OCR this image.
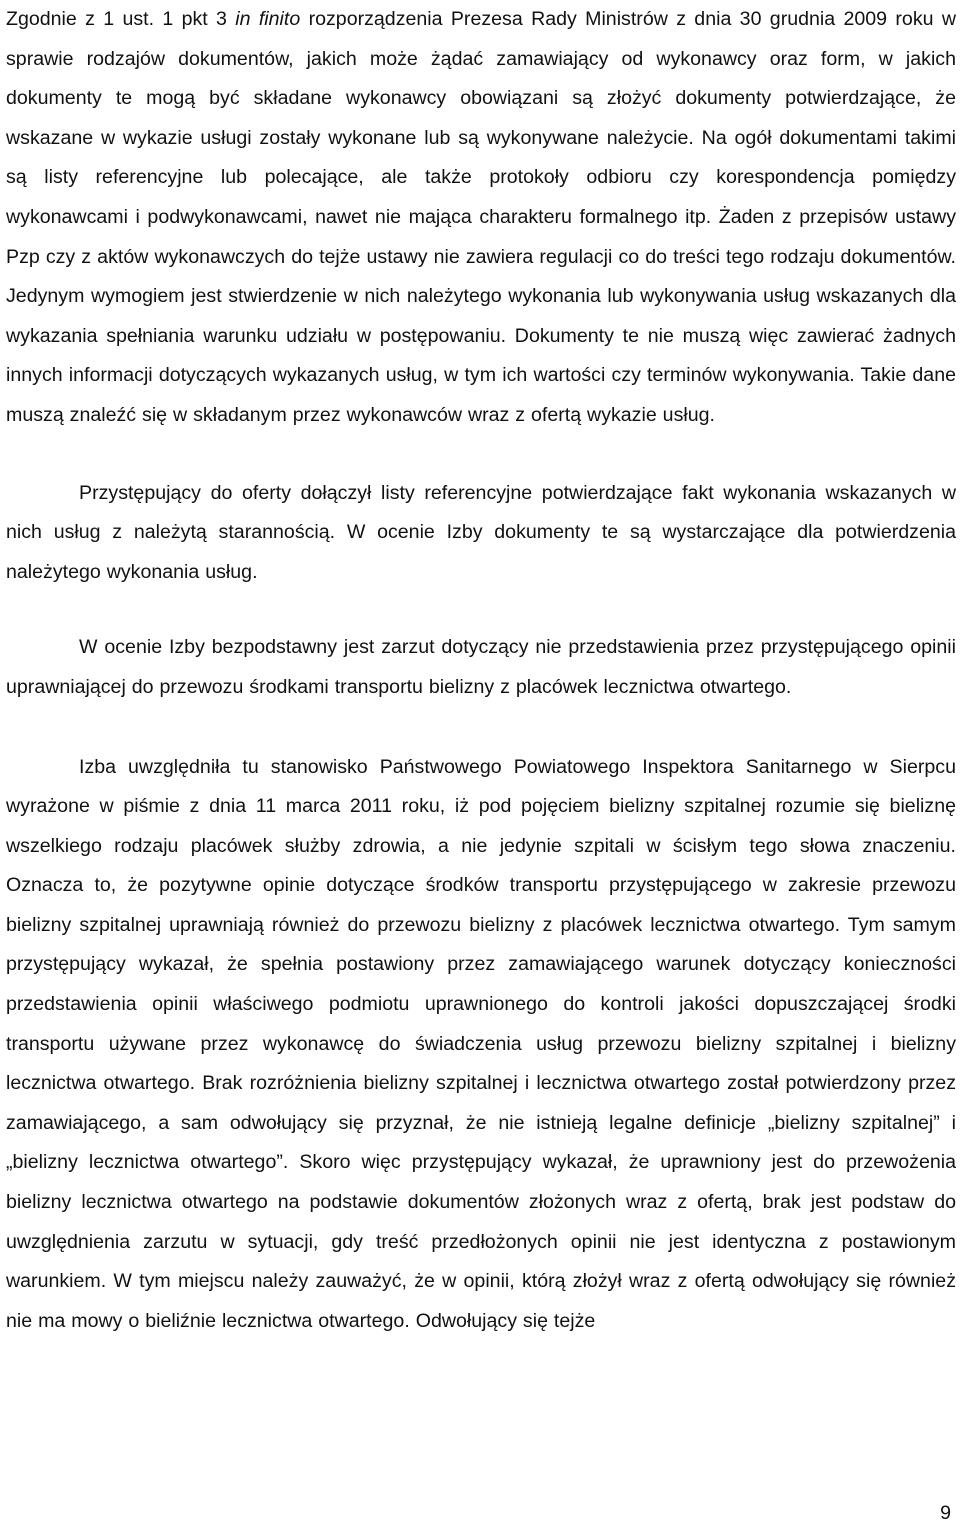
Zgodnie z 1 ust. 1 pkt 3 in finito rozporządzenia Prezesa Rady Ministrów z dnia 30 grudnia 2009 roku w sprawie rodzajów dokumentów, jakich może żądać zamawiający od wykonawcy oraz form, w jakich dokumenty te mogą być składane wykonawcy obowiązani są złożyć dokumenty potwierdzające, że wskazane w wykazie usługi zostały wykonane lub są wykonywane należycie. Na ogół dokumentami takimi są listy referencyjne lub polecające, ale także protokoły odbioru czy korespondencja pomiędzy wykonawcami i podwykonawcami, nawet nie mająca charakteru formalnego itp. Żaden z przepisów ustawy Pzp czy z aktów wykonawczych do tejże ustawy nie zawiera regulacji co do treści tego rodzaju dokumentów. Jedynym wymogiem jest stwierdzenie w nich należytego wykonania lub wykonywania usług wskazanych dla wykazania spełniania warunku udziału w postępowaniu. Dokumenty te nie muszą więc zawierać żadnych innych informacji dotyczących wykazanych usług, w tym ich wartości czy terminów wykonywania. Takie dane muszą znaleźć się w składanym przez wykonawców wraz z ofertą wykazie usług.

Przystępujący do oferty dołączył listy referencyjne potwierdzające fakt wykonania wskazanych w nich usług z należytą starannością. W ocenie Izby dokumenty te są wystarczające dla potwierdzenia należytego wykonania usług.

W ocenie Izby bezpodstawny jest zarzut dotyczący nie przedstawienia przez przystępującego opinii uprawniającej do przewozu środkami transportu bielizny z placówek lecznictwa otwartego.

Izba uwzględniła tu stanowisko Państwowego Powiatowego Inspektora Sanitarnego w Sierpcu wyrażone w piśmie z dnia 11 marca 2011 roku, iż pod pojęciem bielizny szpitalnej rozumie się bieliznę wszelkiego rodzaju placówek służby zdrowia, a nie jedynie szpitali w ścisłym tego słowa znaczeniu. Oznacza to, że pozytywne opinie dotyczące środków transportu przystępującego w zakresie przewozu bielizny szpitalnej uprawniają również do przewozu bielizny z placówek lecznictwa otwartego. Tym samym przystępujący wykazał, że spełnia postawiony przez zamawiającego warunek dotyczący konieczności przedstawienia opinii właściwego podmiotu uprawnionego do kontroli jakości dopuszczającej środki transportu używane przez wykonawcę do świadczenia usług przewozu bielizny szpitalnej i bielizny lecznictwa otwartego. Brak rozróżnienia bielizny szpitalnej i lecznictwa otwartego został potwierdzony przez zamawiającego, a sam odwołujący się przyznał, że nie istnieją legalne definicje „bielizny szpitalnej” i „bielizny lecznictwa otwartego”. Skoro więc przystępujący wykazał, że uprawniony jest do przewożenia bielizny lecznictwa otwartego na podstawie dokumentów złożonych wraz z ofertą, brak jest podstaw do uwzględnienia zarzutu w sytuacji, gdy treść przedłożonych opinii nie jest identyczna z postawionym warunkiem. W tym miejscu należy zauważyć, że w opinii, którą złożył wraz z ofertą odwołujący się również nie ma mowy o bieliźnie lecznictwa otwartego. Odwołujący się tejże

9
